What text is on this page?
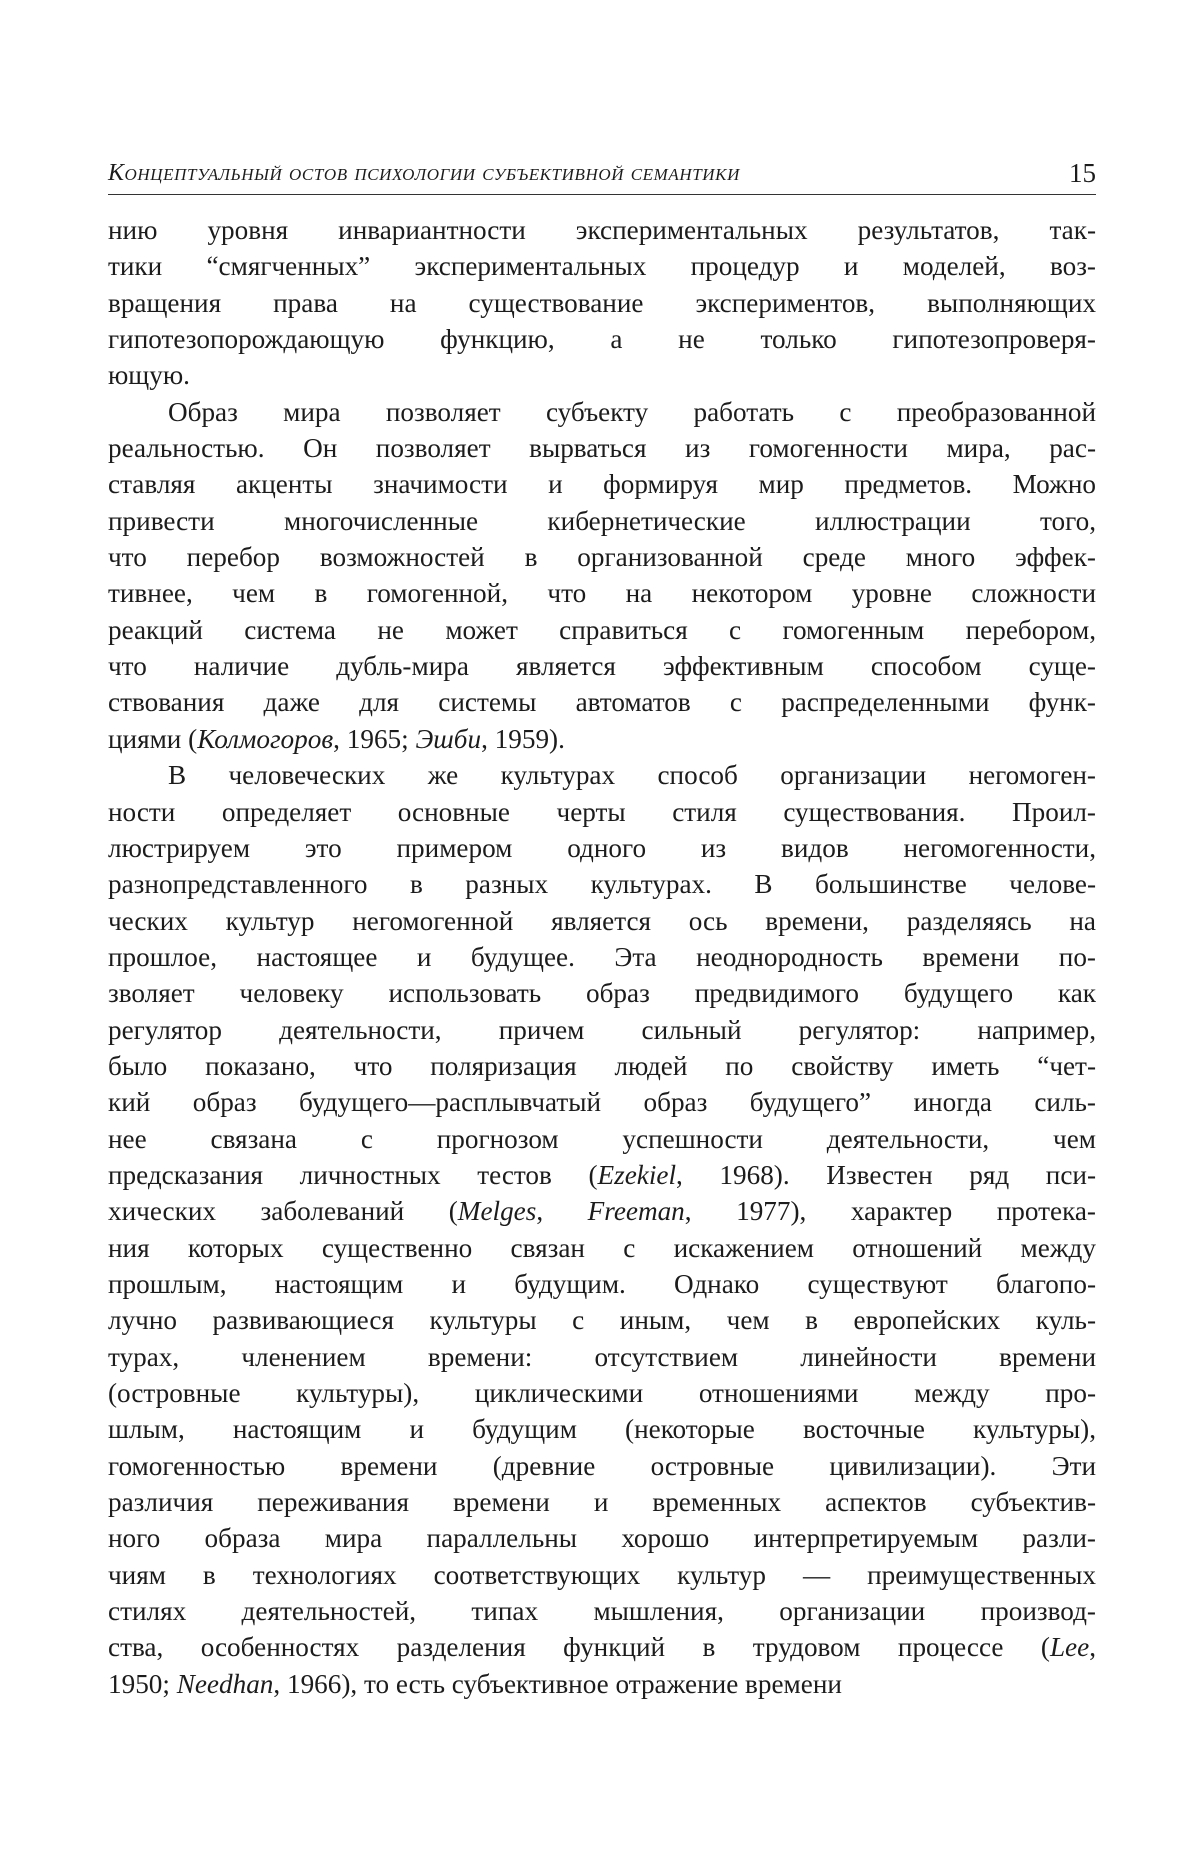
Концептуальный остов психологии субъективной семантики	15

нию уровня инвариантности экспериментальных результатов, так-

тики “смягченных” экспериментальных процедур и моделей, воз-

вращения права на существование экспериментов, выполняющих

гипотезопорождающую функцию, а не только гипотезопроверя-

ющую.

Образ мира позволяет субъекту работать с преобразованной

реальностью. Он позволяет вырваться из гомогенности мира, рас-

ставляя акценты значимости и формируя мир предметов. Можно

привести многочисленные кибернетические иллюстрации того,

что перебор возможностей в организованной среде много эффек-

тивнее, чем в гомогенной, что на некотором уровне сложности

реакций система не может справиться с гомогенным перебором,

что наличие дубль-мира является эффективным способом суще-

ствования даже для системы автоматов с распределенными функ-

циями (Колмогоров, 1965; Эшби, 1959).

В человеческих же культурах способ организации негомоген-

ности определяет основные черты стиля существования. Проил-

люстрируем это примером одного из видов негомогенности,

разнопредставленного в разных культурах. В большинстве челове-

ческих культур негомогенной является ось времени, разделяясь на

прошлое, настоящее и будущее. Эта неоднородность времени по-

зволяет человеку использовать образ предвидимого будущего как

регулятор деятельности, причем сильный регулятор: например,

было показано, что поляризация людей по свойству иметь “чет-

кий образ будущего—расплывчатый образ будущего” иногда силь-

нее связана с прогнозом успешности деятельности, чем

предсказания личностных тестов (Ezekiel, 1968). Известен ряд пси-

хических заболеваний (Melges, Freeman, 1977), характер протека-

ния которых существенно связан с искажением отношений между

прошлым, настоящим и будущим. Однако существуют благопо-

лучно развивающиеся культуры с иным, чем в европейских куль-

турах, членением времени: отсутствием линейности времени

(островные культуры), циклическими отношениями между про-

шлым, настоящим и будущим (некоторые восточные культуры),

гомогенностью времени (древние островные цивилизации). Эти

различия переживания времени и временных аспектов субъектив-

ного образа мира параллельны хорошо интерпретируемым разли-

чиям в технологиях соответствующих культур — преимущественных

стилях деятельностей, типах мышления, организации производ-

ства, особенностях разделения функций в трудовом процессе (Lee,

1950; Needhan, 1966), то есть субъективное отражение времени
